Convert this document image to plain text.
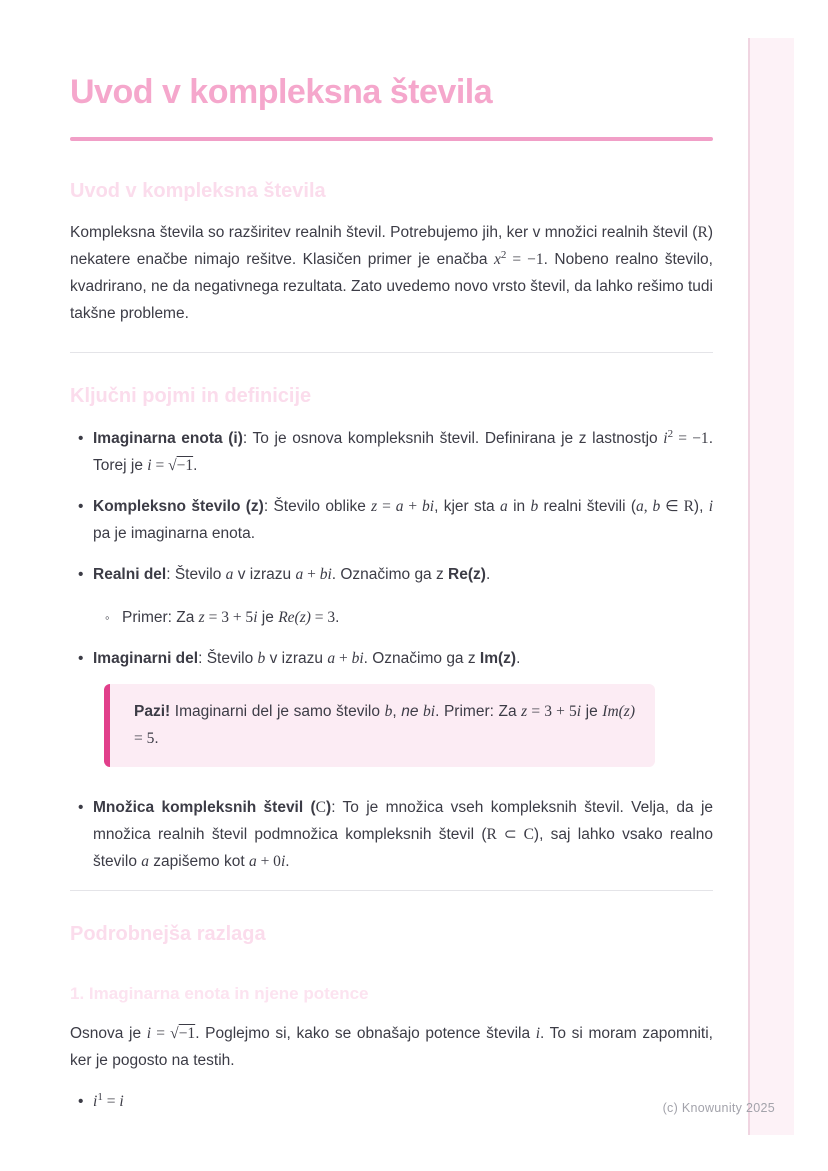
Uvod v kompleksna števila
Uvod v kompleksna števila

Kompleksna števila so razširitev realnih števil. Potrebujemo jih, ker v množici realnih števil (R) nekatere enačbe nimajo rešitve. Klasičen primer je enačba $x^2 = -1$. Nobeno realno število, kvadrirano, ne da negativnega rezultata. Zato uvedemo novo vrsto števil, da lahko rešimo tudi takšne probleme.

Ključni pojmi in definicije
• Imaginarna enota (i): To je osnova kompleksnih števil. Definirana je z lastnostjo $i^2 = -1$. Torej je i = √−1.
• Kompleksno število (z): Število oblike z = a + bi, kjer sta a in b realni števili (a, b ∈ R), i pa je imaginarna enota.
• Realni del: Število a v izrazu a + bi. Označimo ga z Re(z).
◦ Primer: Za z = 3 + 5i je Re(z) = 3.
• Imaginarni del: Število b v izrazu a + bi. Označimo ga z Im(z).
Pazi! Imaginarni del je samo število b, ne bi. Primer: Za z = 3 + 5i je Im(z) = 5.
• Množica kompleksnih števil (C): To je množica vseh kompleksnih števil. Velja, da je množica realnih števil podmnožica kompleksnih števil (R ⊂ C), saj lahko vsako realno število a zapišemo kot a + 0i.
Podrobnejša razlaga
1. Imaginarna enota in njene potence

Osnova je i = √−1. Poglejmo si, kako se obnašajo potence števila i. To si moram zapomniti, ker je pogosto na testih.

• $i^1 = i$	(c) Knowunity 2025
